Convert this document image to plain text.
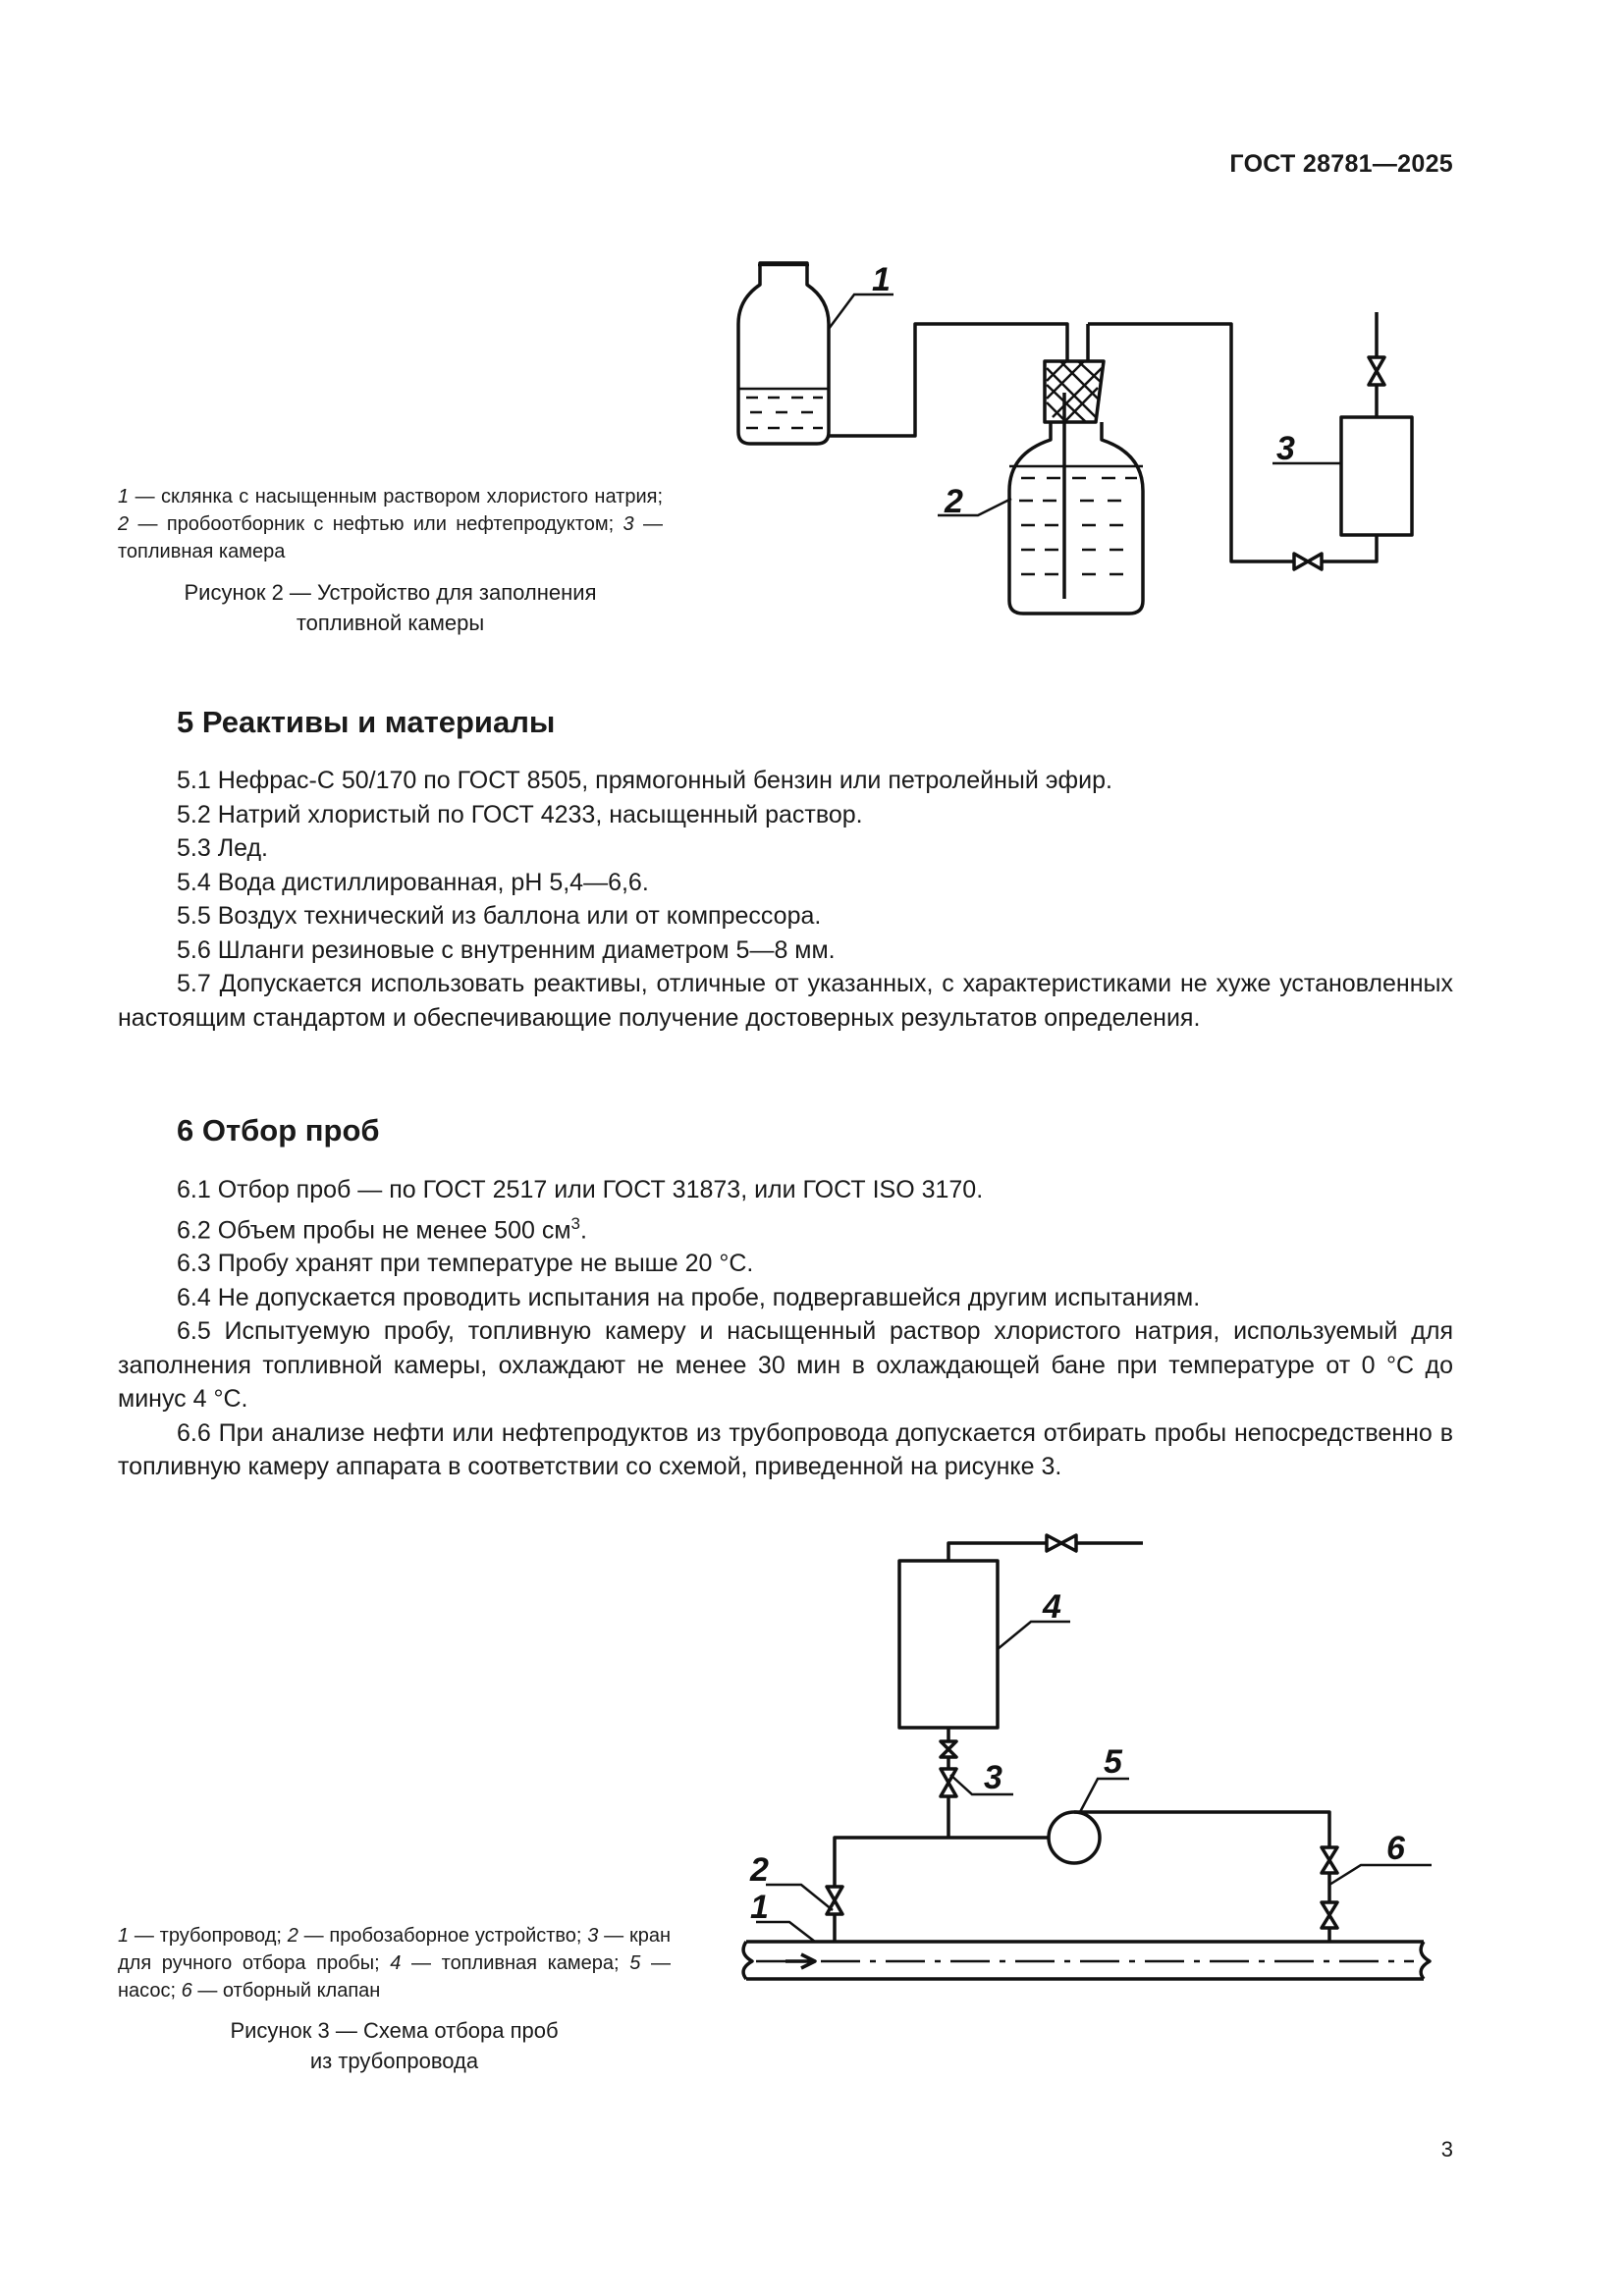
ГОСТ 28781—2025
1
2
3
1 — склянка с насыщенным раствором хлористого натрия; 2 — пробоотборник с нефтью или нефтепродуктом; 3 — топливная камера
Рисунок 2 — Устройство для заполнения
топливной камеры
5 Реактивы и материалы

5.1 Нефрас-С 50/170 по ГОСТ 8505, прямогонный бензин или петролейный эфир.

5.2 Натрий хлористый по ГОСТ 4233, насыщенный раствор.

5.3 Лед.

5.4 Вода дистиллированная, pH 5,4—6,6.

5.5 Воздух технический из баллона или от компрессора.

5.6 Шланги резиновые с внутренним диаметром 5—8 мм.

5.7 Допускается использовать реактивы, отличные от указанных, с характеристиками не хуже установленных настоящим стандартом и обеспечивающие получение достоверных результатов определения.

6 Отбор проб

6.1 Отбор проб — по ГОСТ 2517 или ГОСТ 31873, или ГОСТ ISO 3170.

6.2 Объем пробы не менее 500 $см^3$.

6.3 Пробу хранят при температуре не выше 20 °С.

6.4 Не допускается проводить испытания на пробе, подвергавшейся другим испытаниям.

6.5 Испытуемую пробу, топливную камеру и насыщенный раствор хлористого натрия, используемый для заполнения топливной камеры, охлаждают не менее 30 мин в охлаждающей бане при температуре от 0 °С до минус 4 °С.

6.6 При анализе нефти или нефтепродуктов из трубопровода допускается отбирать пробы непосредственно в топливную камеру аппарата в соответствии со схемой, приведенной на рисунке 3.

4
3	5
6
2
1
1 — трубопровод; 2 — пробозаборное устройство; 3 — кран для ручного отбора пробы; 4 — топливная камера; 5 — насос; 6 — отборный клапан
Рисунок 3 — Схема отбора проб
из трубопровода
3
